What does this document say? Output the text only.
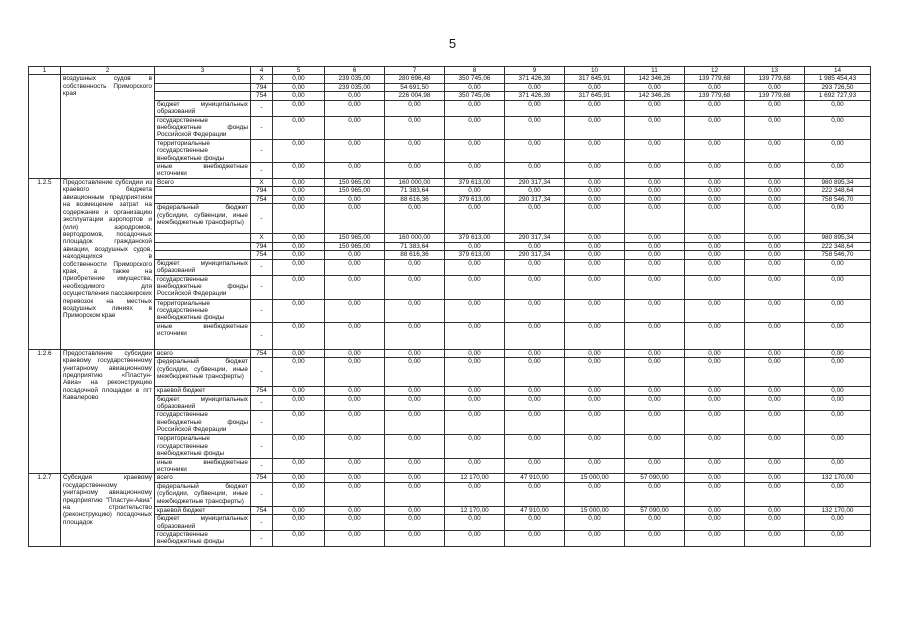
5
1	2	3	4	5	6	7	8	9	10	11	12	13	14
	воздушных судов в собственность Приморского края		X	0,00	239 035,00	280 696,48	350 745,06	371 426,39	317 645,91	142 346,26	139 779,68	139 779,68	1 985 454,43
			794	0,00	239 035,00	54 691,50	0,00	0,00	0,00	0,00	0,00	0,00	293 726,50
			754	0,00	0,00	226 004,98	350 745,06	371 426,39	317 645,91	142 346,26	139 779,68	139 779,68	1 692 727,93
		бюджет муниципальных образований	-	0,00	0,00	0,00	0,00	0,00	0,00	0,00	0,00	0,00	0,00
		государственные внебюджетные фонды Российской Федерации	-	0,00	0,00	0,00	0,00	0,00	0,00	0,00	0,00	0,00	0,00
		территориальные государственные внебюджетные фонды	-	0,00	0,00	0,00	0,00	0,00	0,00	0,00	0,00	0,00	0,00
		иные внебюджетные источники	-	0,00	0,00	0,00	0,00	0,00	0,00	0,00	0,00	0,00	0,00
1.2.5	Предоставление субсидии из краевого бюджета авиационным предприятиям на возмещение затрат на содержание и организацию эксплуатации аэропортов и (или) аэродромов, вертодромов, посадочных площадок гражданской авиации, воздушных судов, находящихся в собственности Приморского края, а также на приобретение имущества, необходимого для осуществления пассажирских перевозок на местных воздушных линиях в Приморском крае	Всего	X	0,00	150 965,00	160 000,00	379 613,00	290 317,34	0,00	0,00	0,00	0,00	980 895,34
			794	0,00	150 965,00	71 383,64	0,00	0,00	0,00	0,00	0,00	0,00	222 348,64
			754	0,00	0,00	88 616,36	379 613,00	290 317,34	0,00	0,00	0,00	0,00	758 546,70
		федеральный бюджет (субсидии, субвенции, иные межбюджетные трансферты)	-	0,00	0,00	0,00	0,00	0,00	0,00	0,00	0,00	0,00	0,00
			X	0,00	150 965,00	160 000,00	379 613,00	290 317,34	0,00	0,00	0,00	0,00	980 895,34
			794	0,00	150 965,00	71 383,64	0,00	0,00	0,00	0,00	0,00	0,00	222 348,64
			754	0,00	0,00	88 616,36	379 613,00	290 317,34	0,00	0,00	0,00	0,00	758 546,70
		бюджет муниципальных образований	-	0,00	0,00	0,00	0,00	0,00	0,00	0,00	0,00	0,00	0,00
		государственные внебюджетные фонды Российской Федерации	-	0,00	0,00	0,00	0,00	0,00	0,00	0,00	0,00	0,00	0,00
		территориальные государственные внебюджетные фонды	-	0,00	0,00	0,00	0,00	0,00	0,00	0,00	0,00	0,00	0,00
		иные внебюджетные источники	-	0,00	0,00	0,00	0,00	0,00	0,00	0,00	0,00	0,00	0,00
1.2.6	Предоставление субсидии краевому государственному унитарному авиационному предприятию «Пластун-Авиа» на реконструкцию посадочной площадки в пгт Кавалерово	всего	754	0,00	0,00	0,00	0,00	0,00	0,00	0,00	0,00	0,00	0,00
		федеральный бюджет (субсидии, субвенции, иные межбюджетные трансферты)	-	0,00	0,00	0,00	0,00	0,00	0,00	0,00	0,00	0,00	0,00
		краевой бюджет	754	0,00	0,00	0,00	0,00	0,00	0,00	0,00	0,00	0,00	0,00
		бюджет муниципальных образований	-	0,00	0,00	0,00	0,00	0,00	0,00	0,00	0,00	0,00	0,00
		государственные внебюджетные фонды Российской Федерации	-	0,00	0,00	0,00	0,00	0,00	0,00	0,00	0,00	0,00	0,00
		территориальные государственные внебюджетные фонды	-	0,00	0,00	0,00	0,00	0,00	0,00	0,00	0,00	0,00	0,00
		иные внебюджетные источники	-	0,00	0,00	0,00	0,00	0,00	0,00	0,00	0,00	0,00	0,00
1.2.7	Субсидия краевому государственному унитарному авиационному предприятию "Пластун-Авиа" на строительство (реконструкцию) посадочных площадок	всего	754	0,00	0,00	0,00	12 170,00	47 910,00	15 000,00	57 090,00	0,00	0,00	132 170,00
		федеральный бюджет (субсидии, субвенции, иные межбюджетные трансферты)	-	0,00	0,00	0,00	0,00	0,00	0,00	0,00	0,00	0,00	0,00
		краевой бюджет	754	0,00	0,00	0,00	12 170,00	47 910,00	15 000,00	57 090,00	0,00	0,00	132 170,00
		бюджет муниципальных образований	-	0,00	0,00	0,00	0,00	0,00	0,00	0,00	0,00	0,00	0,00
		государственные внебюджетные фонды	-	0,00	0,00	0,00	0,00	0,00	0,00	0,00	0,00	0,00	0,00
